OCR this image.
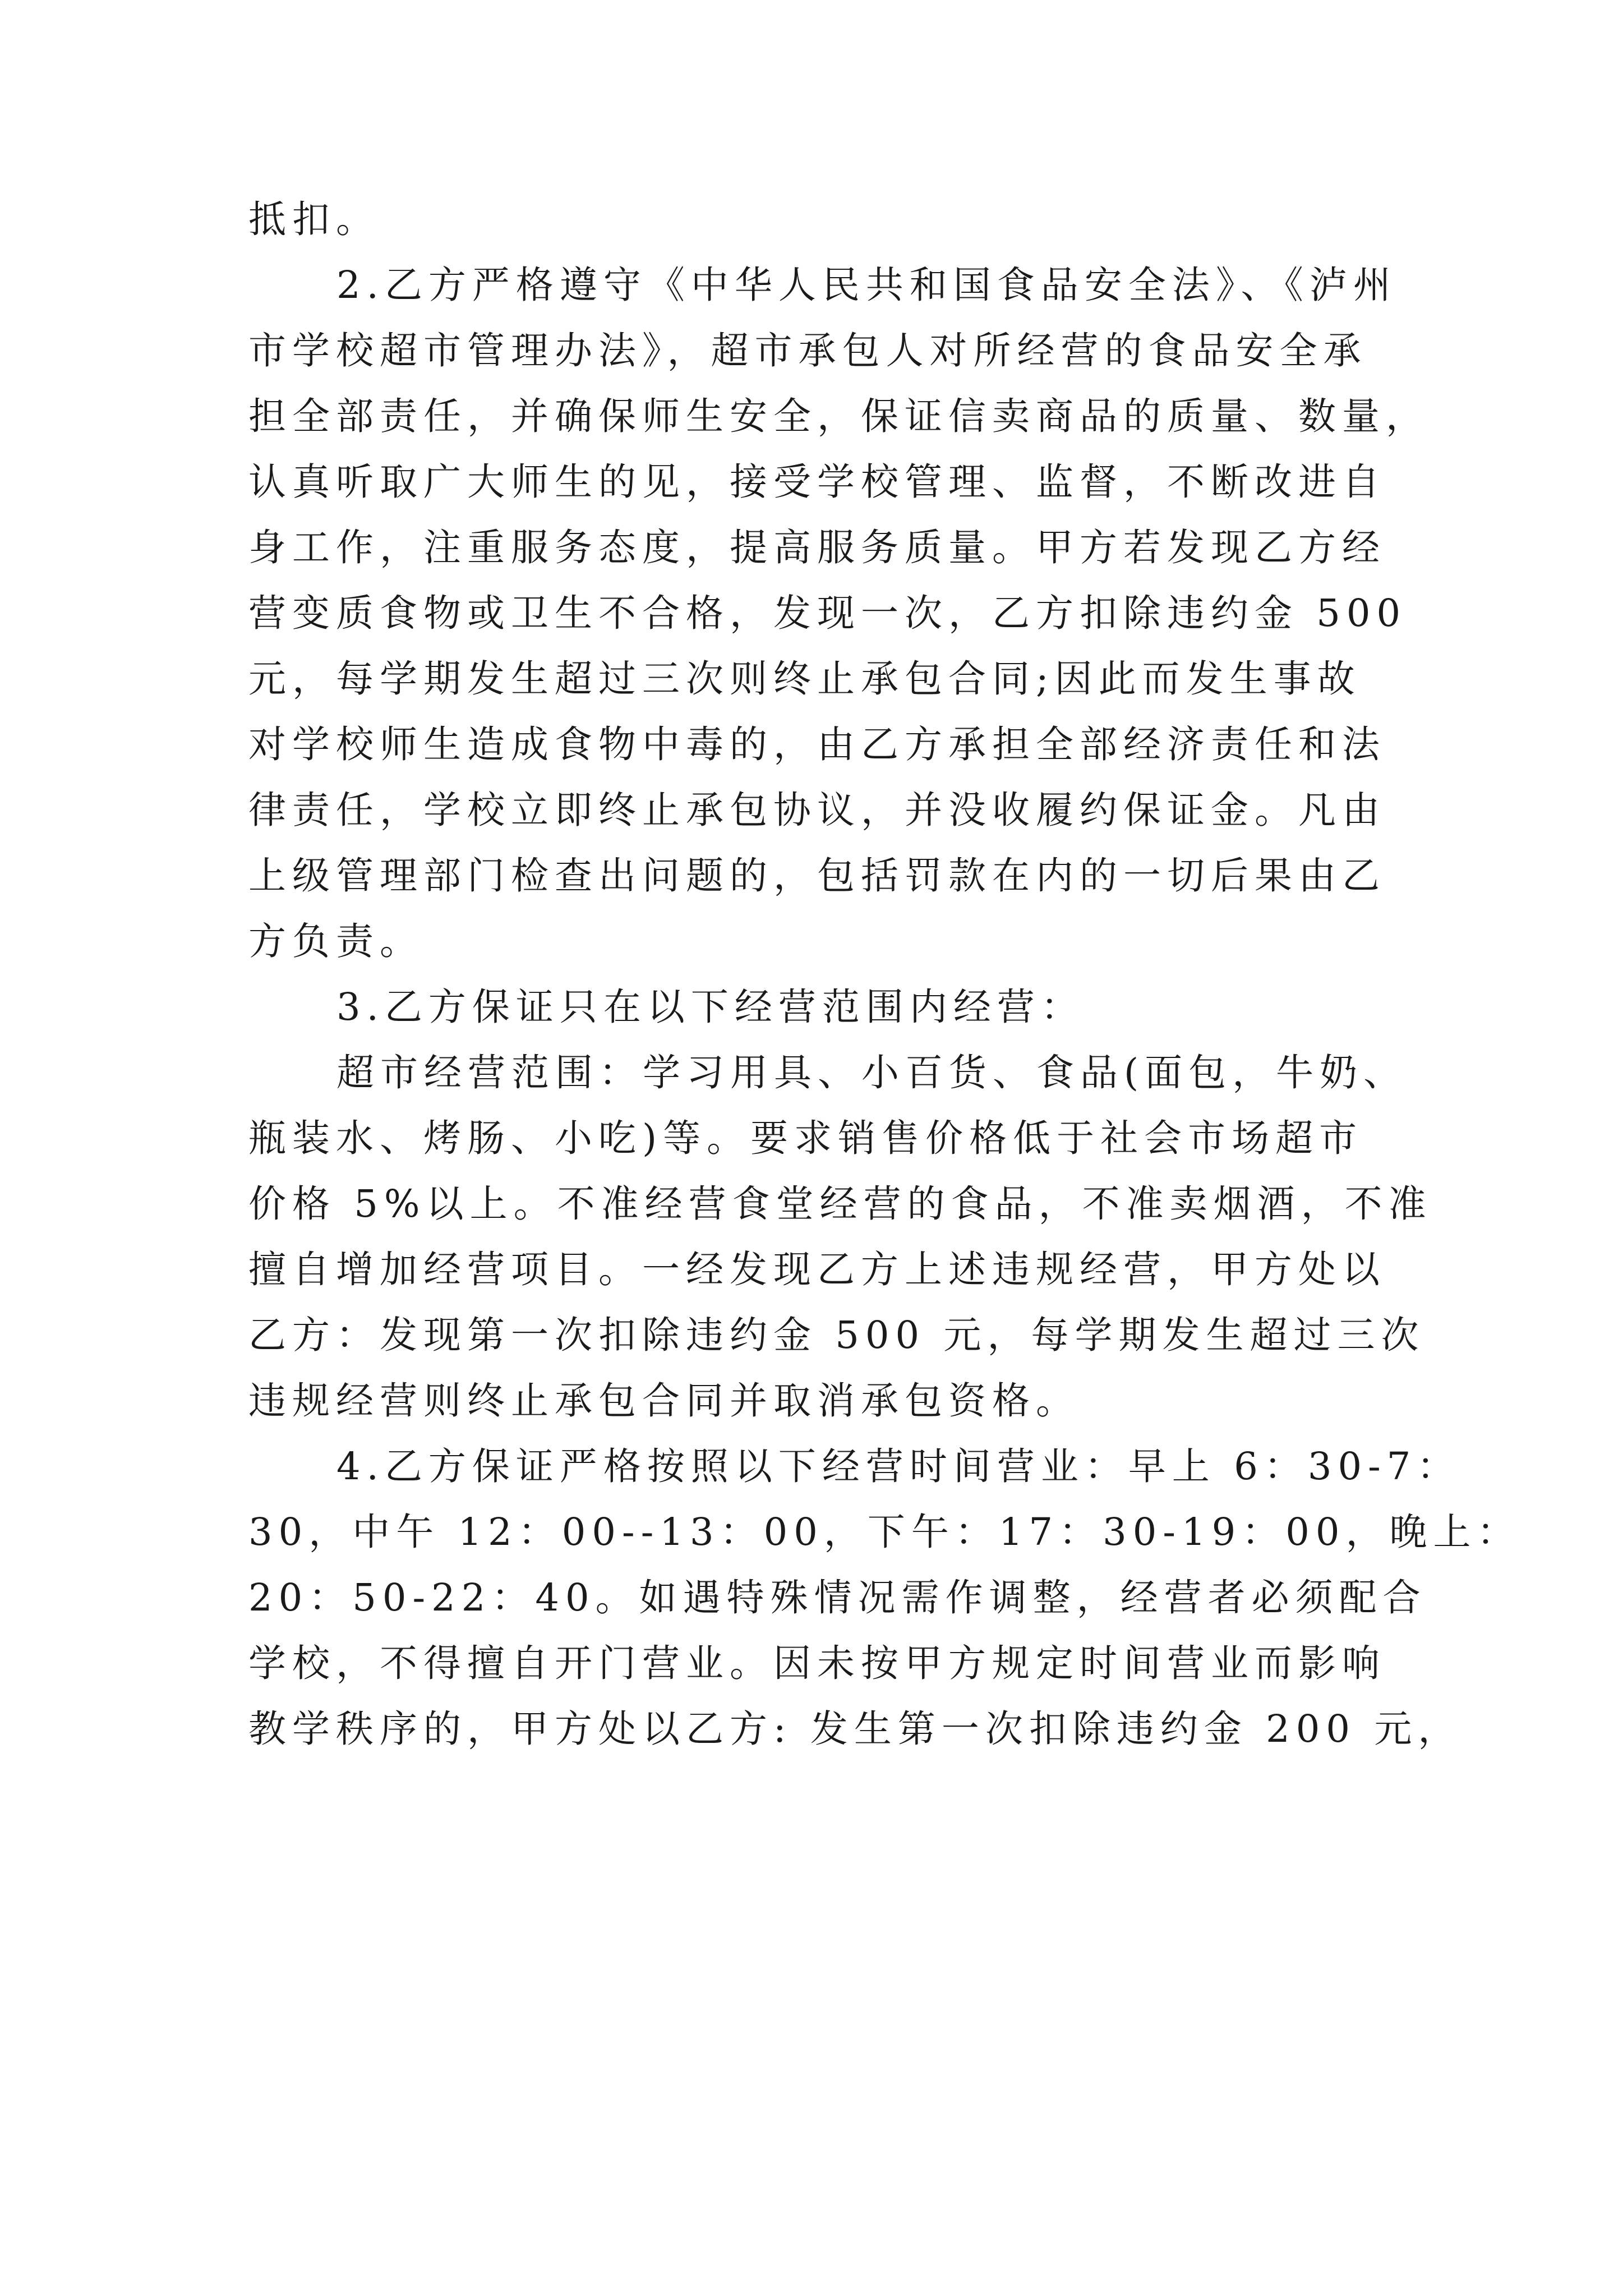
抵扣。
2.乙方严格遵守《中华人民共和国食品安全法》、《泸州
市学校超市管理办法》，超市承包人对所经营的食品安全承
担全部责任，并确保师生安全，保证信卖商品的质量、数量，
认真听取广大师生的见，接受学校管理、监督，不断改进自
身工作，注重服务态度，提高服务质量。甲方若发现乙方经
营变质食物或卫生不合格，发现一次，乙方扣除违约金 500
元，每学期发生超过三次则终止承包合同;因此而发生事故
对学校师生造成食物中毒的，由乙方承担全部经济责任和法
律责任，学校立即终止承包协议，并没收履约保证金。凡由
上级管理部门检查出问题的，包括罚款在内的一切后果由乙
方负责。
3.乙方保证只在以下经营范围内经营：
超市经营范围：学习用具、小百货、食品(面包，牛奶、
瓶装水、烤肠、小吃)等。要求销售价格低于社会市场超市
价格 5%以上。不准经营食堂经营的食品，不准卖烟酒，不准
擅自增加经营项目。一经发现乙方上述违规经营，甲方处以
乙方：发现第一次扣除违约金 500 元，每学期发生超过三次
违规经营则终止承包合同并取消承包资格。
4.乙方保证严格按照以下经营时间营业：早上 6：30-7：
30，中午 12：00--13：00，下午：17：30-19：00，晚上：
20：50-22：40。如遇特殊情况需作调整，经营者必须配合
学校，不得擅自开门营业。因未按甲方规定时间营业而影响
教学秩序的，甲方处以乙方: 发生第一次扣除违约金 200 元，
